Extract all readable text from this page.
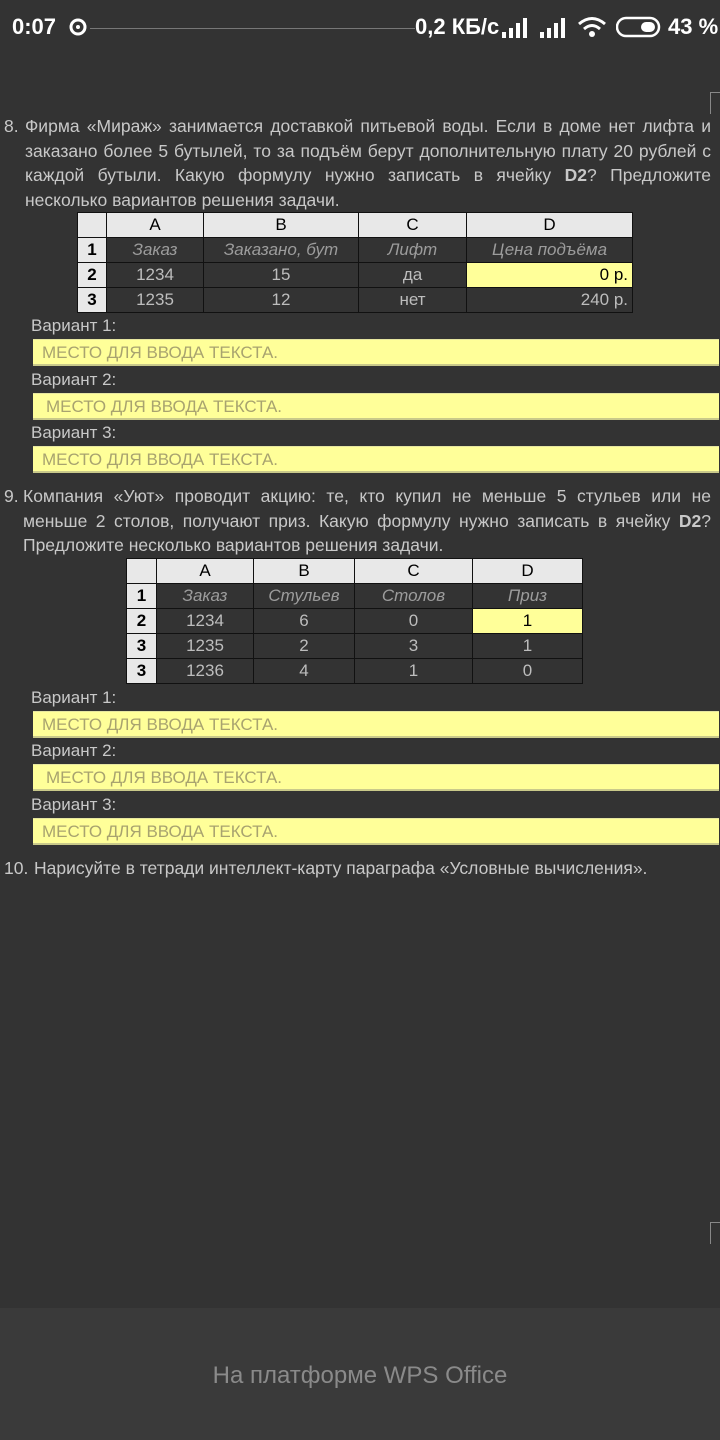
0:07	0,2 КБ/с	43 %
8. Фирма «Мираж» занимается доставкой питьевой воды. Если в доме нет лифта и заказано более 5 бутылей, то за подъём берут дополнительную плату 20 рублей с каждой бутыли. Какую формулу нужно записать в ячейку D2? Предложите несколько вариантов решения задачи.
	A	B	C	D
1	Заказ	Заказано, бут	Лифт	Цена подъёма
2	1234	15	да	0 р.
3	1235	12	нет	240 р.
Вариант 1:
МЕСТО ДЛЯ ВВОДА ТЕКСТА.
Вариант 2:
МЕСТО ДЛЯ ВВОДА ТЕКСТА.
Вариант 3:
МЕСТО ДЛЯ ВВОДА ТЕКСТА.
9. Компания «Уют» проводит акцию: те, кто купил не меньше 5 стульев или не меньше 2 столов, получают приз. Какую формулу нужно записать в ячейку D2? Предложите несколько вариантов решения задачи.
	A	B	C	D
1	Заказ	Стульев	Столов	Приз
2	1234	6	0	1
3	1235	2	3	1
3	1236	4	1	0
Вариант 1:
МЕСТО ДЛЯ ВВОДА ТЕКСТА.
Вариант 2:
МЕСТО ДЛЯ ВВОДА ТЕКСТА.
Вариант 3:
МЕСТО ДЛЯ ВВОДА ТЕКСТА.
10. Нарисуйте в тетради интеллект-карту параграфа «Условные вычисления».
На платформе WPS Office
